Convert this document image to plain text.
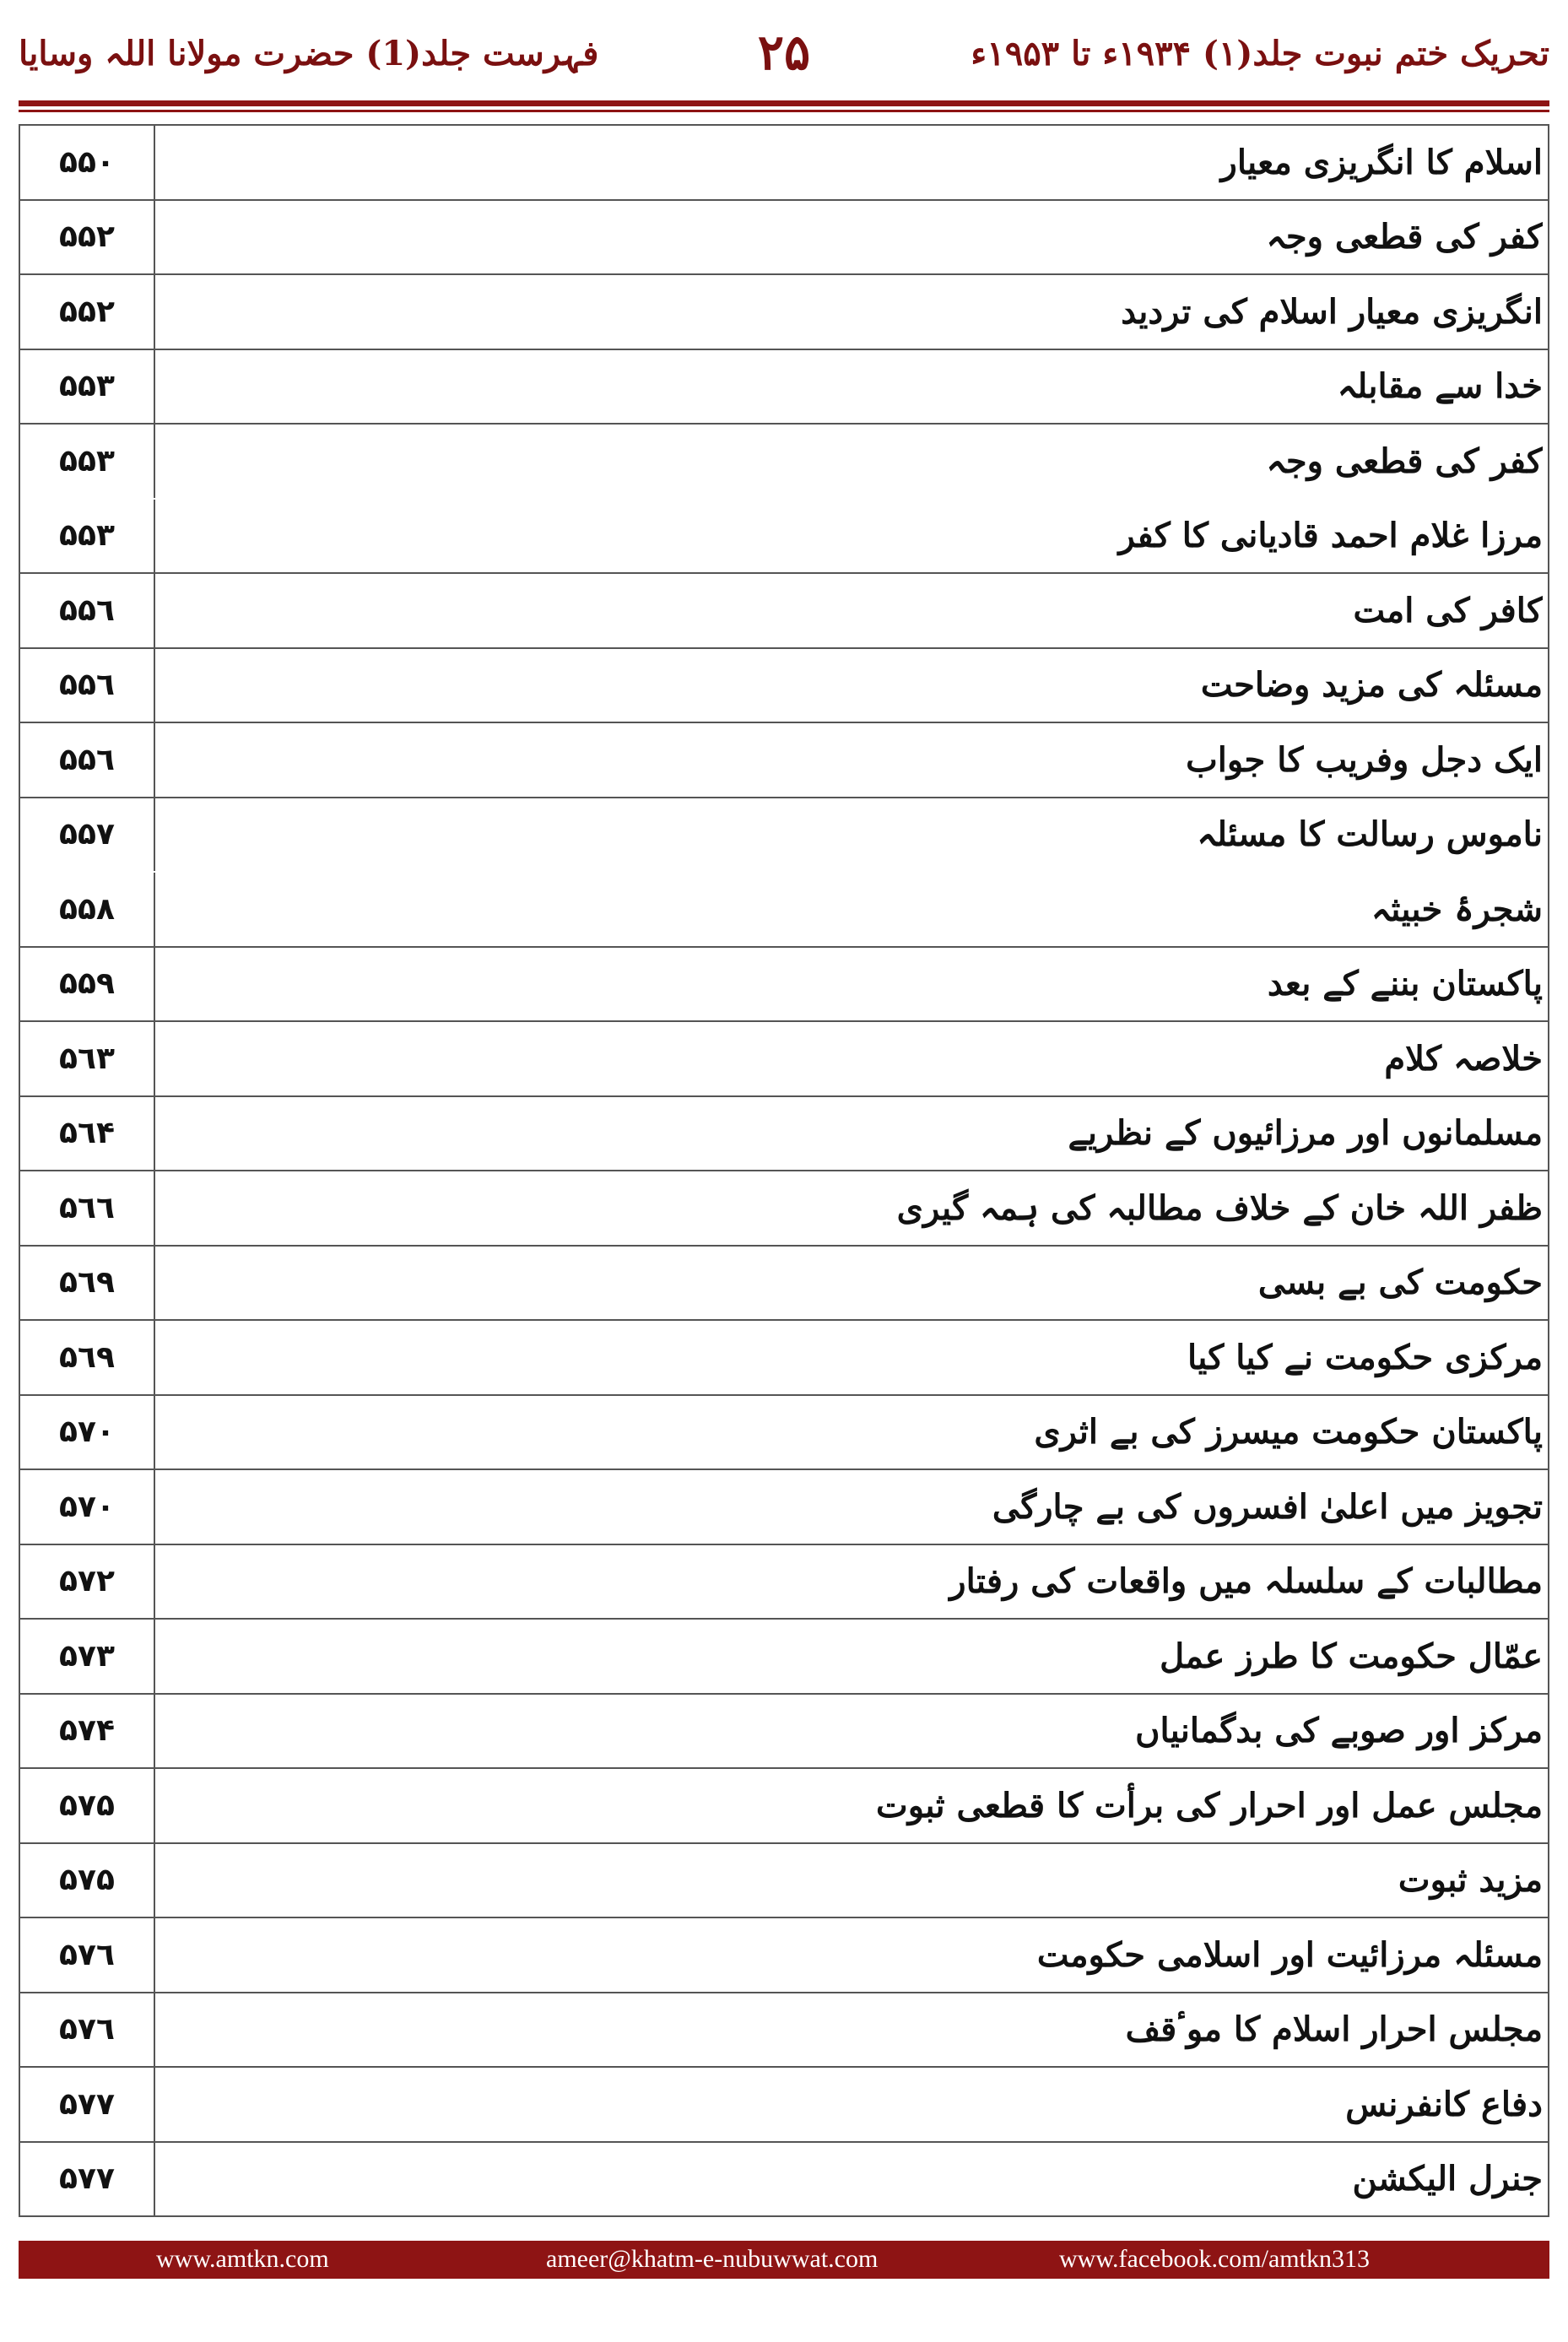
تحریک ختم نبوت جلد(۱) ۱۹۳۴ء تا ۱۹۵۳ء
۲۵
فہرست جلد(1) حضرت مولانا اللہ وسایا
۵۵۰	اسلام کا انگریزی معیار
۵۵۲	کفر کی قطعی وجہ
۵۵۲	انگریزی معیار اسلام کی تردید
۵۵۳	خدا سے مقابلہ
۵۵۳	کفر کی قطعی وجہ
۵۵۳	مرزا غلام احمد قادیانی کا کفر
۵۵٦	کافر کی امت
۵۵٦	مسئلہ کی مزید وضاحت
۵۵٦	ایک دجل وفریب کا جواب
۵۵۷	ناموس رسالت کا مسئلہ
۵۵۸	شجرۂ خبیثہ
۵۵۹	پاکستان بننے کے بعد
۵٦۳	خلاصہ کلام
۵٦۴	مسلمانوں اور مرزائیوں کے نظریے
۵٦٦	ظفر اللہ خان کے خلاف مطالبہ کی ہمہ گیری
۵٦۹	حکومت کی بے بسی
۵٦۹	مرکزی حکومت نے کیا کیا
۵۷۰	پاکستان حکومت میسرز کی بے اثری
۵۷۰	تجویز میں اعلیٰ افسروں کی بے چارگی
۵۷۲	مطالبات کے سلسلہ میں واقعات کی رفتار
۵۷۳	عمّال حکومت کا طرز عمل
۵۷۴	مرکز اور صوبے کی بدگمانیاں
۵۷۵	مجلس عمل اور احرار کی برأت کا قطعی ثبوت
۵۷۵	مزید ثبوت
۵۷٦	مسئلہ مرزائیت اور اسلامی حکومت
۵۷٦	مجلس احرار اسلام کا موٴقف
۵۷۷	دفاع کانفرنس
۵۷۷	جنرل الیکشن
www.amtkn.com	ameer@khatm-e-nubuwwat.com	www.facebook.com/amtkn313
